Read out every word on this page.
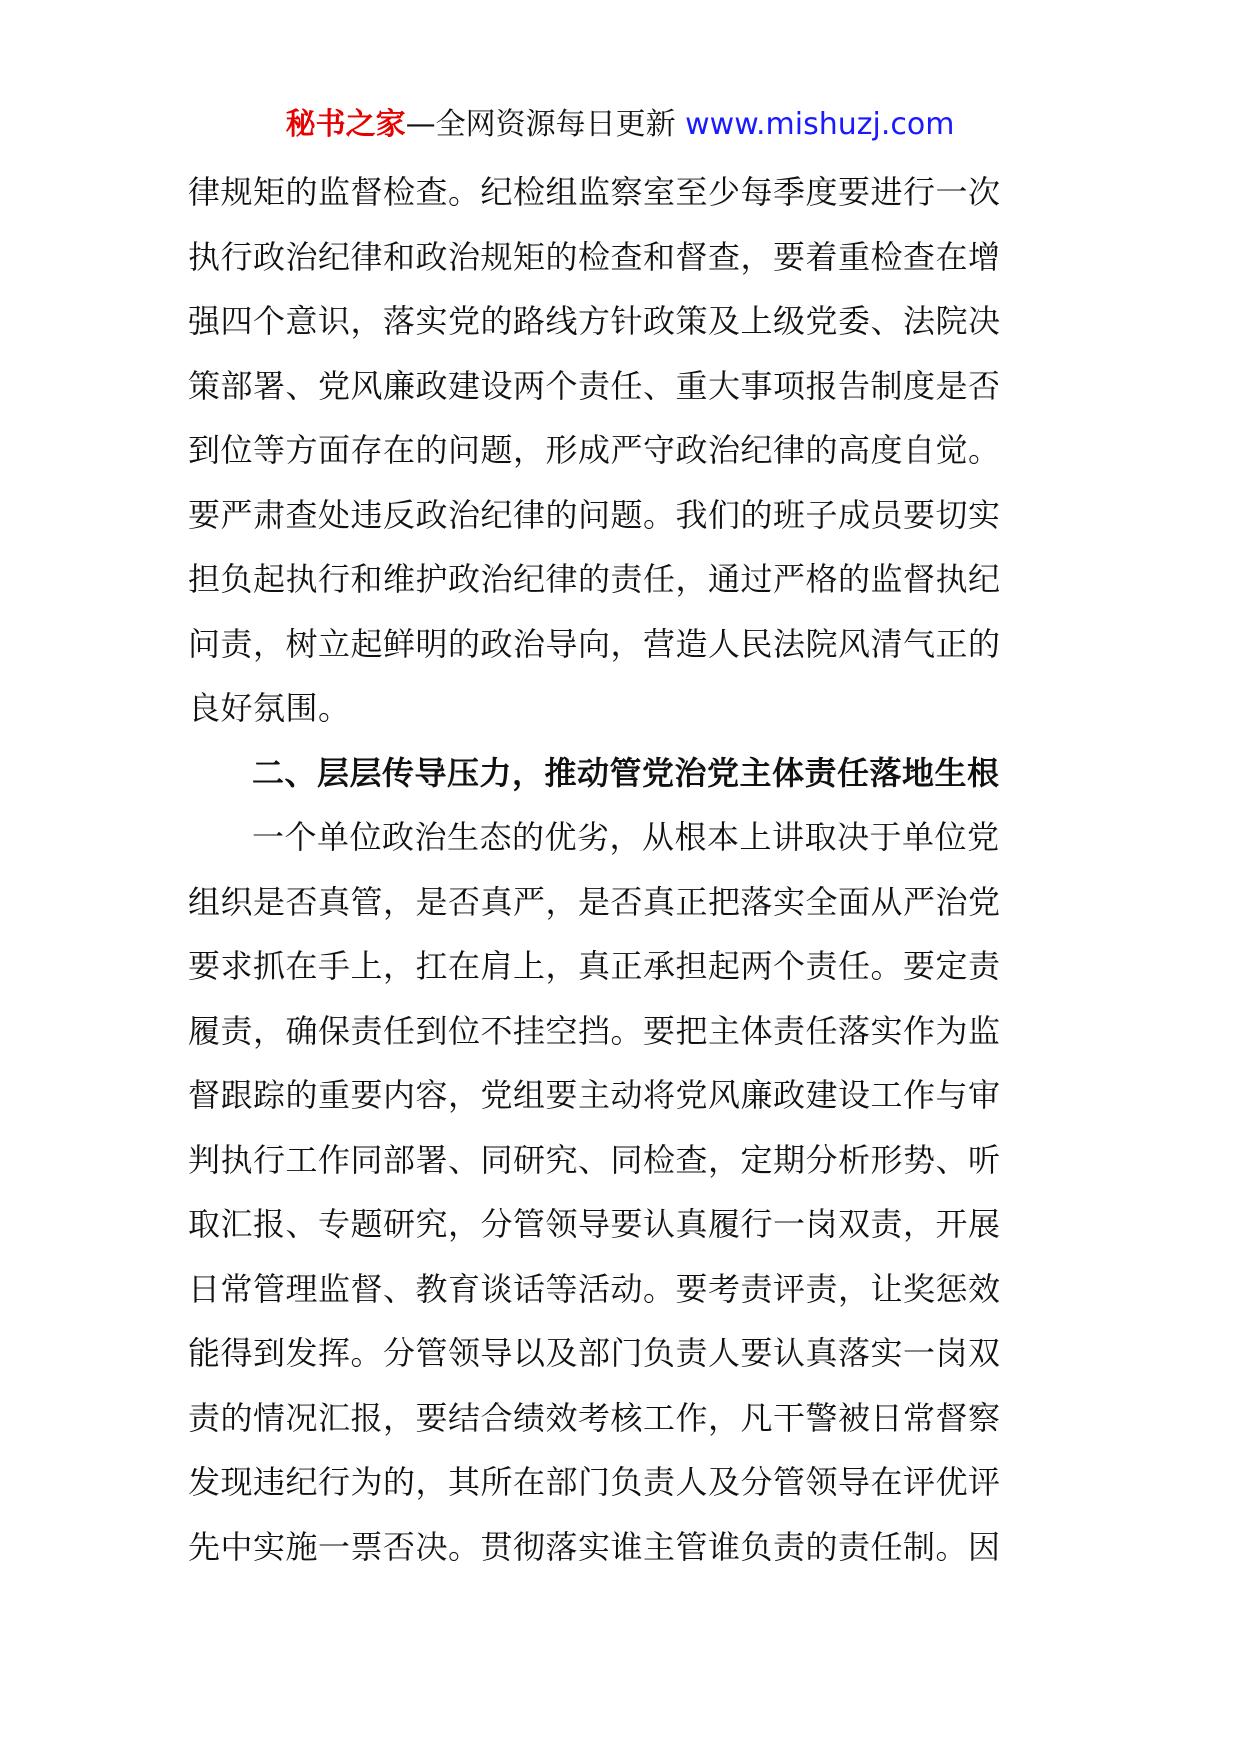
秘书之家—全网资源每日更新 www.mishuzj.com
律规矩的监督检查。纪检组监察室至少每季度要进行一次
执行政治纪律和政治规矩的检查和督查，要着重检查在增
强四个意识，落实党的路线方针政策及上级党委、法院决
策部署、党风廉政建设两个责任、重大事项报告制度是否
到位等方面存在的问题，形成严守政治纪律的高度自觉。
要严肃查处违反政治纪律的问题。我们的班子成员要切实
担负起执行和维护政治纪律的责任，通过严格的监督执纪
问责，树立起鲜明的政治导向，营造人民法院风清气正的
良好氛围。
二、层层传导压力，推动管党治党主体责任落地生根
一个单位政治生态的优劣，从根本上讲取决于单位党
组织是否真管，是否真严，是否真正把落实全面从严治党
要求抓在手上，扛在肩上，真正承担起两个责任。要定责
履责，确保责任到位不挂空挡。要把主体责任落实作为监
督跟踪的重要内容，党组要主动将党风廉政建设工作与审
判执行工作同部署、同研究、同检查，定期分析形势、听
取汇报、专题研究，分管领导要认真履行一岗双责，开展
日常管理监督、教育谈话等活动。要考责评责，让奖惩效
能得到发挥。分管领导以及部门负责人要认真落实一岗双
责的情况汇报，要结合绩效考核工作，凡干警被日常督察
发现违纪行为的，其所在部门负责人及分管领导在评优评
先中实施一票否决。贯彻落实谁主管谁负责的责任制。因
